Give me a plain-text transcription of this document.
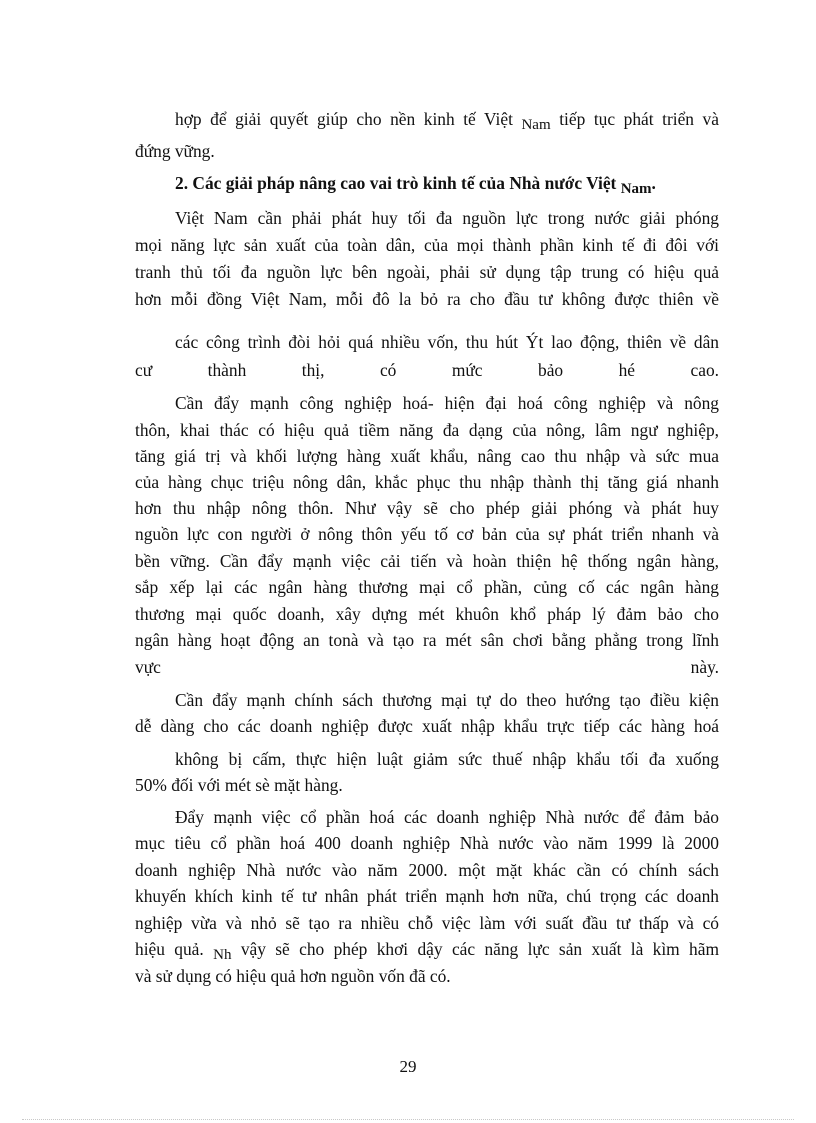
hợp để giải quyết giúp cho nền kinh tế Việt Nam tiếp tục phát triển và
đứng vững.
2. Các giải pháp nâng cao vai trò kinh tế của Nhà nước Việt Nam.
Việt Nam cần phải phát huy tối đa nguồn lực trong nước giải phóng
mọi năng lực sản xuất của toàn dân, của mọi thành phần kinh tế đi đôi với
tranh thủ tối đa nguồn lực bên ngoài, phải sử dụng tập trung có hiệu quả
hơn mỗi đồng Việt Nam, mỗi đô la bỏ ra cho đầu tư không được thiên về
các công trình đòi hỏi quá nhiều vốn, thu hút Ýt lao động, thiên về dân
cư thành thị, có mức bảo hé cao.
Cần đẩy mạnh công nghiệp hoá- hiện đại hoá công nghiệp và nông
thôn, khai thác có hiệu quả tiềm năng đa dạng của nông, lâm ngư nghiệp,
tăng giá trị và khối lượng hàng xuất khẩu, nâng cao thu nhập và sức mua
của hàng chục triệu nông dân, khắc phục thu nhập thành thị tăng giá nhanh
hơn thu nhập nông thôn. Như vậy sẽ cho phép giải phóng và phát huy
nguồn lực con người ở nông thôn yếu tố cơ bản của sự phát triển nhanh và
bền vững. Cần đẩy mạnh việc cải tiến và hoàn thiện hệ thống ngân hàng,
sắp xếp lại các ngân hàng thương mại cổ phần, củng cố các ngân hàng
thương mại quốc doanh, xây dựng mét khuôn khổ pháp lý đảm bảo cho
ngân hàng hoạt động an tonà và tạo ra mét sân chơi bằng phẳng trong lĩnh
vực này.
Cần đẩy mạnh chính sách thương mại tự do theo hướng tạo điều kiện
dễ dàng cho các doanh nghiệp được xuất nhập khẩu trực tiếp các hàng hoá
không bị cấm, thực hiện luật giảm sức thuế nhập khẩu tối đa xuống
50% đối với mét sè mặt hàng.
Đẩy mạnh việc cổ phần hoá các doanh nghiệp Nhà nước để đảm bảo
mục tiêu cổ phần hoá 400 doanh nghiệp Nhà nước vào năm 1999 là 2000
doanh nghiệp Nhà nước vào năm 2000. một mặt khác cần có chính sách
khuyến khích kinh tế tư nhân phát triển mạnh hơn nữa, chú trọng các doanh
nghiệp vừa và nhỏ sẽ tạo ra nhiều chỗ việc làm với suất đầu tư thấp và có
hiệu quả. Nh vậy sẽ cho phép khơi dậy các năng lực sản xuất là kìm hãm
và sử dụng có hiệu quả hơn nguồn vốn đã có.
29
